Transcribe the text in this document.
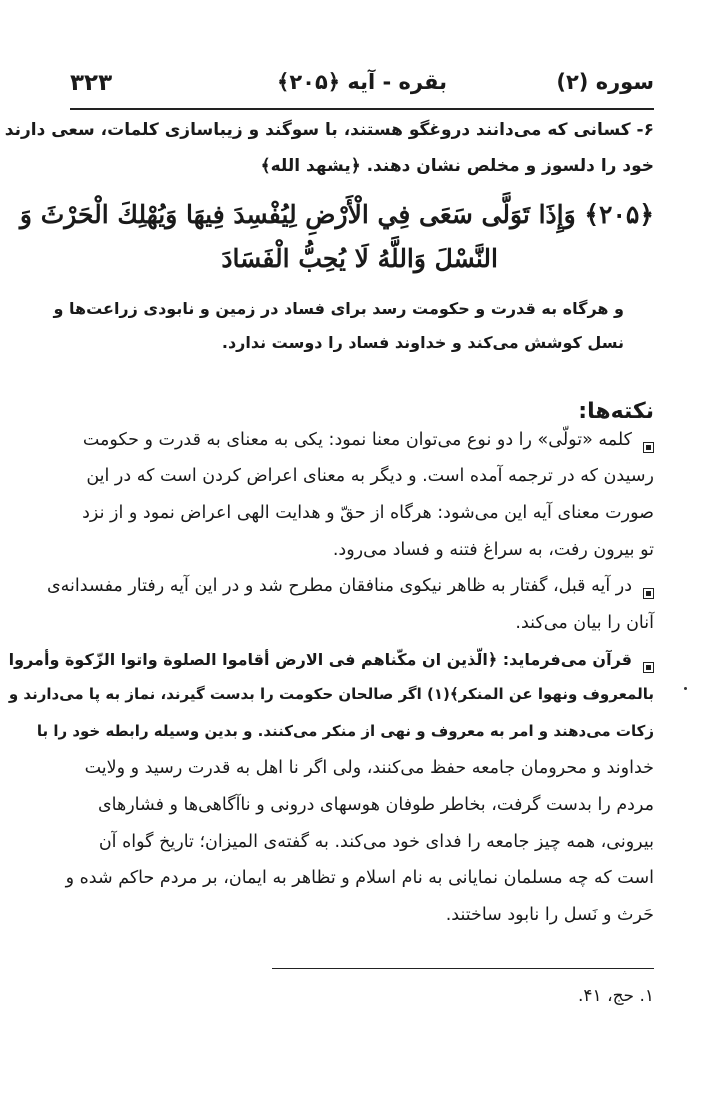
سوره (۲)
بقره - آیه ﴿۲۰۵﴾
۳۲۳
۶- کسانی که می‌دانند دروغگو هستند، با سوگند و زیباسازی کلمات، سعی دارند
خود را دلسوز و مخلص نشان دهند. ﴿یشهد الله﴾
﴿۲۰۵﴾ وَإِذَا تَوَلَّى سَعَى فِي الْأَرْضِ لِيُفْسِدَ فِيهَا وَيُهْلِكَ الْحَرْثَ وَ
النَّسْلَ وَاللَّهُ لَا يُحِبُّ الْفَسَادَ
و هرگاه به قدرت و حکومت رسد برای فساد در زمین و نابودی زراعت‌ها و
نسل کوشش می‌کند و خداوند فساد را دوست ندارد.
نکته‌ها:
کلمه «تولّی» را دو نوع می‌توان معنا نمود: یکی به معنای به قدرت و حکومت
رسیدن که در ترجمه آمده است. و دیگر به معنای اعراض کردن است که در این
صورت معنای آیه این می‌شود: هرگاه از حقّ و هدایت الهی اعراض نمود و از نزد
تو بیرون رفت، به سراغ فتنه و فساد می‌رود.
در آیه قبل، گفتار به ظاهر نیکوی منافقان مطرح شد و در این آیه رفتار مفسدانه‌ی
آنان را بیان می‌کند.
قرآن می‌فرماید: ﴿الّذین ان مکّناهم فی الارض أقاموا الصلوة واتوا الزّکوة وأمروا
بالمعروف ونهوا عن المنکر﴾(۱) اگر صالحان حکومت را بدست گیرند، نماز به پا می‌دارند و
زکات می‌دهند و امر به معروف و نهی از منکر می‌کنند. و بدین وسیله رابطه خود را با
خداوند و محرومان جامعه حفظ می‌کنند، ولی اگر نا اهل به قدرت رسید و ولایت
مردم را بدست گرفت، بخاطر طوفان هوسهای درونی و ناآگاهی‌ها و فشارهای
بیرونی، همه چیز جامعه را فدای خود می‌کند. به گفته‌ی المیزان؛ تاریخ گواه آن
است که چه مسلمان نمایانی به نام اسلام و تظاهر به ایمان، بر مردم حاکم شده و
حَرث و نَسل را نابود ساختند.
۱. حج، ۴۱.
